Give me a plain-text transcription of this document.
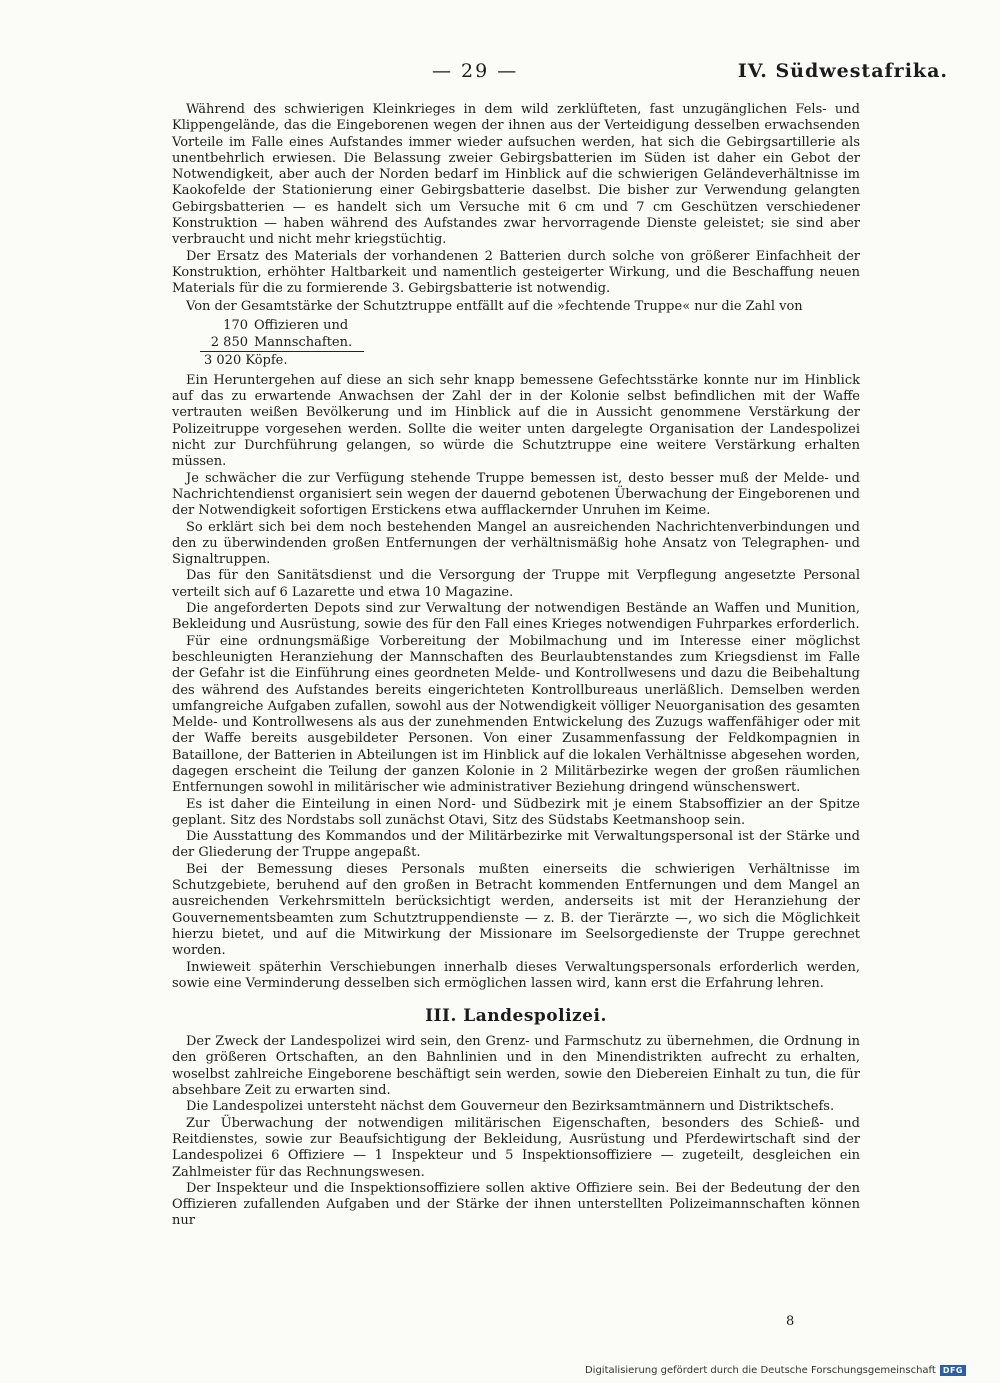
— 29 —	IV. Südwestafrika.

Während des schwierigen Kleinkrieges in dem wild zerklüfteten, fast unzugänglichen Fels- und Klippengelände, das die Eingeborenen wegen der ihnen aus der Verteidigung desselben erwachsenden Vorteile im Falle eines Aufstandes immer wieder aufsuchen werden, hat sich die Gebirgsartillerie als unentbehrlich erwiesen. Die Belassung zweier Gebirgsbatterien im Süden ist daher ein Gebot der Notwendigkeit, aber auch der Norden bedarf im Hinblick auf die schwierigen Geländeverhältnisse im Kaokofelde der Stationierung einer Gebirgsbatterie daselbst. Die bisher zur Verwendung gelangten Gebirgsbatterien — es handelt sich um Versuche mit 6 cm und 7 cm Geschützen verschiedener Konstruktion — haben während des Aufstandes zwar hervorragende Dienste geleistet; sie sind aber verbraucht und nicht mehr kriegstüchtig.

Der Ersatz des Materials der vorhandenen 2 Batterien durch solche von größerer Einfachheit der Konstruktion, erhöhter Haltbarkeit und namentlich gesteigerter Wirkung, und die Beschaffung neuen Materials für die zu formierende 3. Gebirgsbatterie ist notwendig.

Von der Gesamtstärke der Schutztruppe entfällt auf die »fechtende Truppe« nur die Zahl von

170 Offizieren und
2 850 Mannschaften.
3 020 Köpfe.

Ein Heruntergehen auf diese an sich sehr knapp bemessene Gefechtsstärke konnte nur im Hinblick auf das zu erwartende Anwachsen der Zahl der in der Kolonie selbst befindlichen mit der Waffe vertrauten weißen Bevölkerung und im Hinblick auf die in Aussicht genommene Verstärkung der Polizeitruppe vorgesehen werden. Sollte die weiter unten dargelegte Organisation der Landespolizei nicht zur Durchführung gelangen, so würde die Schutztruppe eine weitere Verstärkung erhalten müssen.

Je schwächer die zur Verfügung stehende Truppe bemessen ist, desto besser muß der Melde- und Nachrichtendienst organisiert sein wegen der dauernd gebotenen Überwachung der Eingeborenen und der Notwendigkeit sofortigen Erstickens etwa aufflackernder Unruhen im Keime.

So erklärt sich bei dem noch bestehenden Mangel an ausreichenden Nachrichtenverbindungen und den zu überwindenden großen Entfernungen der verhältnismäßig hohe Ansatz von Telegraphen- und Signaltruppen.

Das für den Sanitätsdienst und die Versorgung der Truppe mit Verpflegung angesetzte Personal verteilt sich auf 6 Lazarette und etwa 10 Magazine.

Die angeforderten Depots sind zur Verwaltung der notwendigen Bestände an Waffen und Munition, Bekleidung und Ausrüstung, sowie des für den Fall eines Krieges notwendigen Fuhrparkes erforderlich.

Für eine ordnungsmäßige Vorbereitung der Mobilmachung und im Interesse einer möglichst beschleunigten Heranziehung der Mannschaften des Beurlaubtenstandes zum Kriegsdienst im Falle der Gefahr ist die Einführung eines geordneten Melde- und Kontrollwesens und dazu die Beibehaltung des während des Aufstandes bereits eingerichteten Kontrollbureaus unerläßlich. Demselben werden umfangreiche Aufgaben zufallen, sowohl aus der Notwendigkeit völliger Neuorganisation des gesamten Melde- und Kontrollwesens als aus der zunehmenden Entwickelung des Zuzugs waffenfähiger oder mit der Waffe bereits ausgebildeter Personen. Von einer Zusammenfassung der Feldkompagnien in Bataillone, der Batterien in Abteilungen ist im Hinblick auf die lokalen Verhältnisse abgesehen worden, dagegen erscheint die Teilung der ganzen Kolonie in 2 Militärbezirke wegen der großen räumlichen Entfernungen sowohl in militärischer wie administrativer Beziehung dringend wünschenswert.

Es ist daher die Einteilung in einen Nord- und Südbezirk mit je einem Stabsoffizier an der Spitze geplant. Sitz des Nordstabs soll zunächst Otavi, Sitz des Südstabs Keetmanshoop sein.

Die Ausstattung des Kommandos und der Militärbezirke mit Verwaltungspersonal ist der Stärke und der Gliederung der Truppe angepaßt.

Bei der Bemessung dieses Personals mußten einerseits die schwierigen Verhältnisse im Schutzgebiete, beruhend auf den großen in Betracht kommenden Entfernungen und dem Mangel an ausreichenden Verkehrsmitteln berücksichtigt werden, anderseits ist mit der Heranziehung der Gouvernementsbeamten zum Schutztruppendienste — z. B. der Tierärzte —, wo sich die Möglichkeit hierzu bietet, und auf die Mitwirkung der Missionare im Seelsorgedienste der Truppe gerechnet worden.

Inwieweit späterhin Verschiebungen innerhalb dieses Verwaltungspersonals erforderlich werden, sowie eine Verminderung desselben sich ermöglichen lassen wird, kann erst die Erfahrung lehren.

III. Landespolizei.

Der Zweck der Landespolizei wird sein, den Grenz- und Farmschutz zu übernehmen, die Ordnung in den größeren Ortschaften, an den Bahnlinien und in den Minendistrikten aufrecht zu erhalten, woselbst zahlreiche Eingeborene beschäftigt sein werden, sowie den Diebereien Einhalt zu tun, die für absehbare Zeit zu erwarten sind.

Die Landespolizei untersteht nächst dem Gouverneur den Bezirksamtmännern und Distriktschefs.

Zur Überwachung der notwendigen militärischen Eigenschaften, besonders des Schieß- und Reitdienstes, sowie zur Beaufsichtigung der Bekleidung, Ausrüstung und Pferdewirtschaft sind der Landespolizei 6 Offiziere — 1 Inspekteur und 5 Inspektionsoffiziere — zugeteilt, desgleichen ein Zahlmeister für das Rechnungswesen.

Der Inspekteur und die Inspektionsoffiziere sollen aktive Offiziere sein. Bei der Bedeutung der den Offizieren zufallenden Aufgaben und der Stärke der ihnen unterstellten Polizeimannschaften können nur

8
Digitalisierung gefördert durch die Deutsche Forschungsgemeinschaft DFG
